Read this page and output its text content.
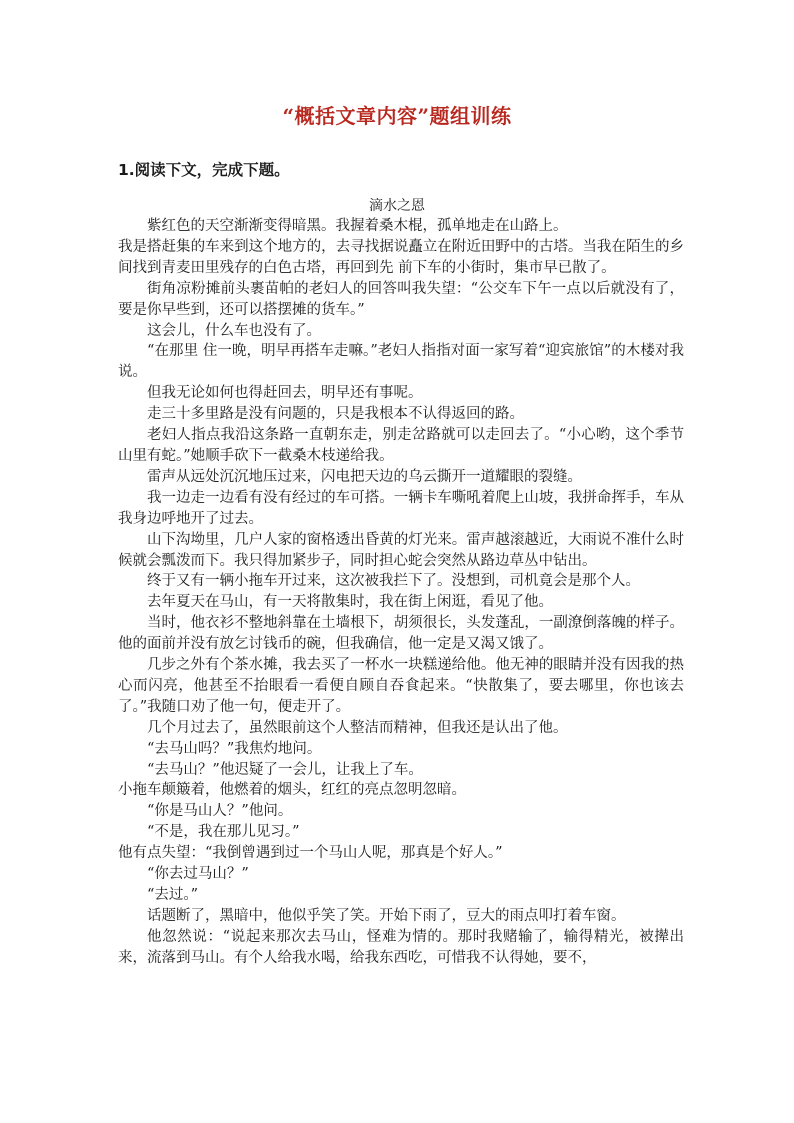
“概括文章内容”题组训练
1.阅读下文，完成下题。
滴水之恩

紫红色的天空渐渐变得暗黑。我握着桑木棍，孤单地走在山路上。

我是搭赶集的车来到这个地方的，去寻找据说矗立在附近田野中的古塔。当我在陌生的乡间找到青麦田里残存的白色古塔，再回到先 前下车的小街时，集市早已散了。

街角凉粉摊前头裹苗帕的老妇人的回答叫我失望：“公交车下午一点以后就没有了，要是你早些到，还可以搭摆摊的货车。”

这会儿，什么车也没有了。

“在那里 住一晚，明早再搭车走嘛。”老妇人指指对面一家写着“迎宾旅馆”的木楼对我说。

但我无论如何也得赶回去，明早还有事呢。

走三十多里路是没有问题的，只是我根本不认得返回的路。

老妇人指点我沿这条路一直朝东走，别走岔路就可以走回去了。“小心哟，这个季节山里有蛇。”她顺手砍下一截桑木枝递给我。

雷声从远处沉沉地压过来，闪电把天边的乌云撕开一道耀眼的裂缝。

我一边走一边看有没有经过的车可搭。一辆卡车嘶吼着爬上山坡，我拼命挥手，车从我身边呼地开了过去。

山下沟坳里，几户人家的窗格透出昏黄的灯光来。雷声越滚越近，大雨说不准什么时候就会瓢泼而下。我只得加紧步子，同时担心蛇会突然从路边草丛中钻出。

终于又有一辆小拖车开过来，这次被我拦下了。没想到，司机竟会是那个人。

去年夏天在马山，有一天将散集时，我在街上闲逛，看见了他。

当时，他衣衫不整地斜靠在土墙根下，胡须很长，头发蓬乱，一副潦倒落魄的样子。他的面前并没有放乞讨钱币的碗，但我确信，他一定是又渴又饿了。

几步之外有个茶水摊，我去买了一杯水一块糕递给他。他无神的眼睛并没有因我的热心而闪亮，他甚至不抬眼看一看便自顾自吞食起来。“快散集了，要去哪里，你也该去了。”我随口劝了他一句，便走开了。

几个月过去了，虽然眼前这个人整洁而精神，但我还是认出了他。

“去马山吗？”我焦灼地问。

“去马山？”他迟疑了一会儿，让我上了车。

小拖车颠簸着，他燃着的烟头，红红的亮点忽明忽暗。

“你是马山人？”他问。

“不是，我在那儿见习。”

他有点失望：“我倒曾遇到过一个马山人呢，那真是个好人。”

“你去过马山？”

“去过。”

话题断了，黑暗中，他似乎笑了笑。开始下雨了，豆大的雨点叩打着车窗。

他忽然说：“说起来那次去马山，怪难为情的。那时我赌输了，输得精光，被撵出来，流落到马山。有个人给我水喝，给我东西吃，可惜我不认得她，要不，
